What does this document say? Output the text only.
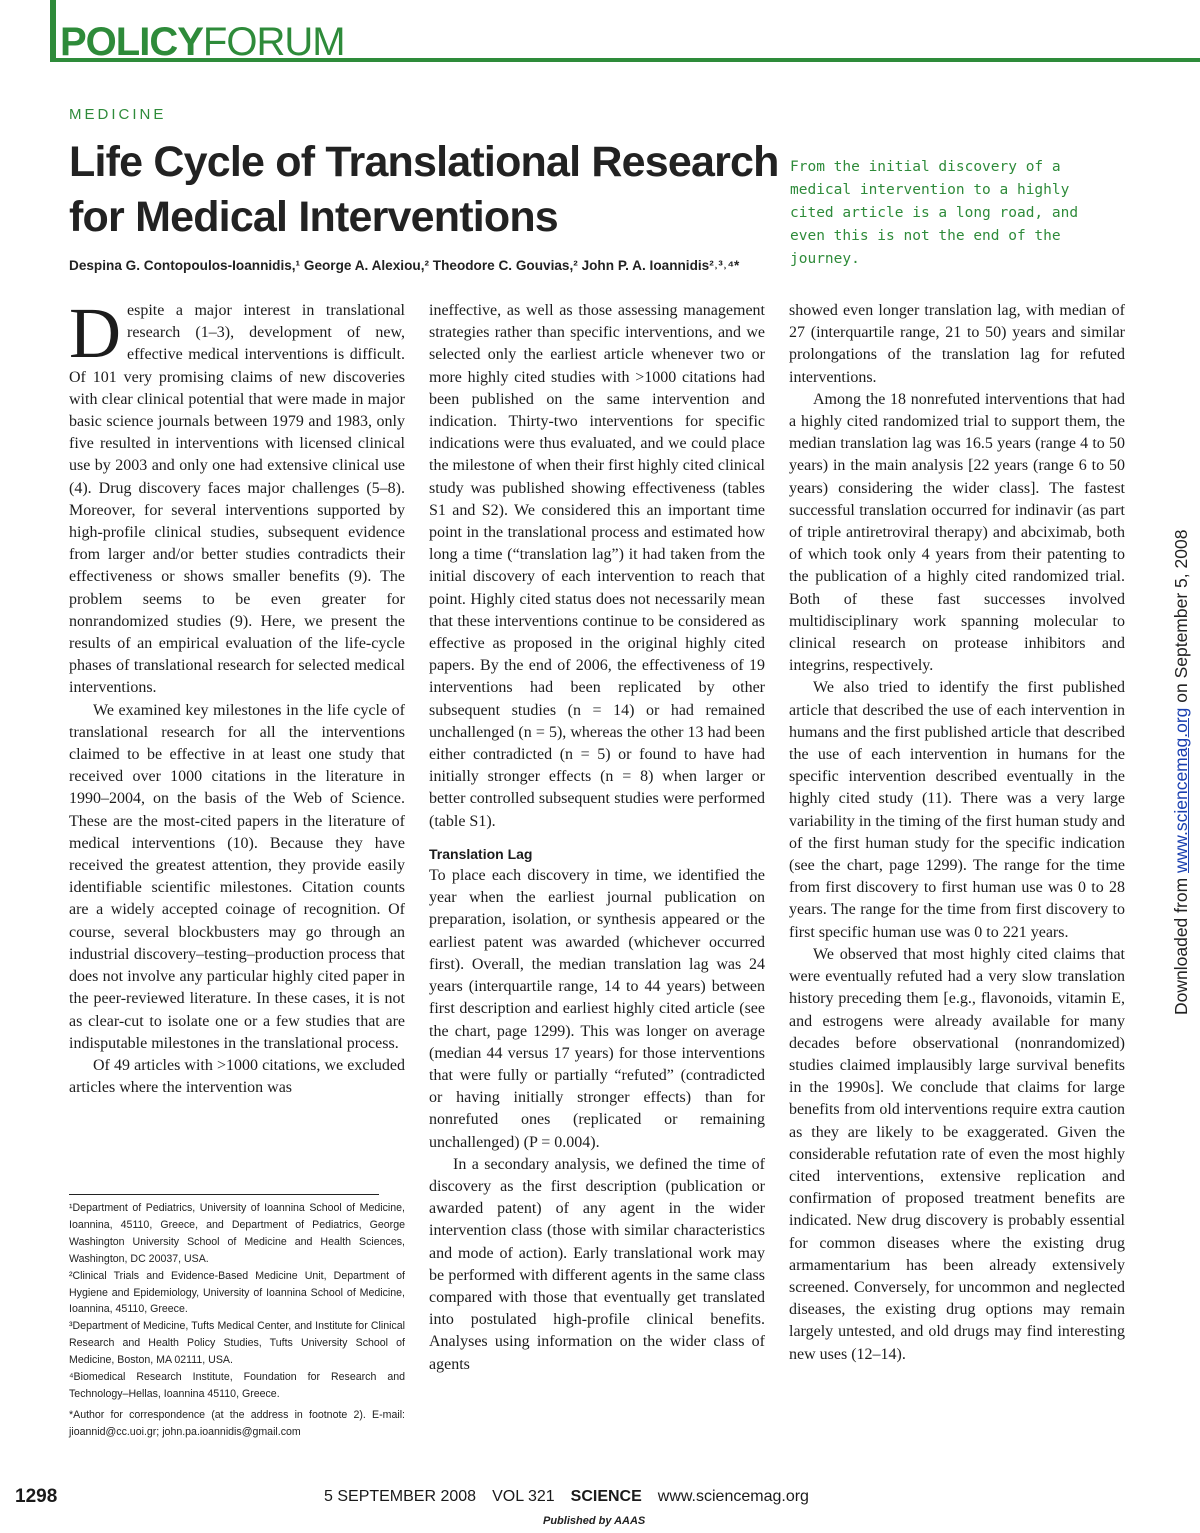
POLICYFORUM
MEDICINE
Life Cycle of Translational Research
for Medical Interventions
From the initial discovery of a medical intervention to a highly cited article is a long road, and even this is not the end of the journey.
Despina G. Contopoulos-Ioannidis,¹ George A. Alexiou,² Theodore C. Gouvias,² John P. A. Ioannidis²˒³˒⁴*

Despite a major interest in translational research (1–3), development of new, effective medical interventions is difficult. Of 101 very promising claims of new discoveries with clear clinical potential that were made in major basic science journals between 1979 and 1983, only five resulted in interventions with licensed clinical use by 2003 and only one had extensive clinical use (4). Drug discovery faces major challenges (5–8). Moreover, for several interventions supported by high-profile clinical studies, subsequent evidence from larger and/or better studies contradicts their effectiveness or shows smaller benefits (9). The problem seems to be even greater for nonrandomized studies (9). Here, we present the results of an empirical evaluation of the life-cycle phases of translational research for selected medical interventions.

We examined key milestones in the life cycle of translational research for all the interventions claimed to be effective in at least one study that received over 1000 citations in the literature in 1990–2004, on the basis of the Web of Science. These are the most-cited papers in the literature of medical interventions (10). Because they have received the greatest attention, they provide easily identifiable scientific milestones. Citation counts are a widely accepted coinage of recognition. Of course, several blockbusters may go through an industrial discovery–testing–production process that does not involve any particular highly cited paper in the peer-reviewed literature. In these cases, it is not as clear-cut to isolate one or a few studies that are indisputable milestones in the translational process.

Of 49 articles with >1000 citations, we excluded articles where the intervention was

¹Department of Pediatrics, University of Ioannina School of Medicine, Ioannina, 45110, Greece, and Department of Pediatrics, George Washington University School of Medicine and Health Sciences, Washington, DC 20037, USA.

²Clinical Trials and Evidence-Based Medicine Unit, Department of Hygiene and Epidemiology, University of Ioannina School of Medicine, Ioannina, 45110, Greece.

³Department of Medicine, Tufts Medical Center, and Institute for Clinical Research and Health Policy Studies, Tufts University School of Medicine, Boston, MA 02111, USA.

⁴Biomedical Research Institute, Foundation for Research and Technology–Hellas, Ioannina 45110, Greece.

*Author for correspondence (at the address in footnote 2). E-mail: jioannid@cc.uoi.gr; john.pa.ioannidis@gmail.com

ineffective, as well as those assessing management strategies rather than specific interventions, and we selected only the earliest article whenever two or more highly cited studies with >1000 citations had been published on the same intervention and indication. Thirty-two interventions for specific indications were thus evaluated, and we could place the milestone of when their first highly cited clinical study was published showing effectiveness (tables S1 and S2). We considered this an important time point in the translational process and estimated how long a time (“translation lag”) it had taken from the initial discovery of each intervention to reach that point. Highly cited status does not necessarily mean that these interventions continue to be considered as effective as proposed in the original highly cited papers. By the end of 2006, the effectiveness of 19 interventions had been replicated by other subsequent studies (n = 14) or had remained unchallenged (n = 5), whereas the other 13 had been either contradicted (n = 5) or found to have had initially stronger effects (n = 8) when larger or better controlled subsequent studies were performed (table S1).

Translation Lag

To place each discovery in time, we identified the year when the earliest journal publication on preparation, isolation, or synthesis appeared or the earliest patent was awarded (whichever occurred first). Overall, the median translation lag was 24 years (interquartile range, 14 to 44 years) between first description and earliest highly cited article (see the chart, page 1299). This was longer on average (median 44 versus 17 years) for those interventions that were fully or partially “refuted” (contradicted or having initially stronger effects) than for nonrefuted ones (replicated or remaining unchallenged) (P = 0.004).

In a secondary analysis, we defined the time of discovery as the first description (publication or awarded patent) of any agent in the wider intervention class (those with similar characteristics and mode of action). Early translational work may be performed with different agents in the same class compared with those that eventually get translated into postulated high-profile clinical benefits. Analyses using information on the wider class of agents

showed even longer translation lag, with median of 27 (interquartile range, 21 to 50) years and similar prolongations of the translation lag for refuted interventions.

Among the 18 nonrefuted interventions that had a highly cited randomized trial to support them, the median translation lag was 16.5 years (range 4 to 50 years) in the main analysis [22 years (range 6 to 50 years) considering the wider class]. The fastest successful translation occurred for indinavir (as part of triple antiretroviral therapy) and abciximab, both of which took only 4 years from their patenting to the publication of a highly cited randomized trial. Both of these fast successes involved multidisciplinary work spanning molecular to clinical research on protease inhibitors and integrins, respectively.

We also tried to identify the first published article that described the use of each intervention in humans and the first published article that described the use of each intervention in humans for the specific intervention described eventually in the highly cited study (11). There was a very large variability in the timing of the first human study and of the first human study for the specific indication (see the chart, page 1299). The range for the time from first discovery to first human use was 0 to 28 years. The range for the time from first discovery to first specific human use was 0 to 221 years.

We observed that most highly cited claims that were eventually refuted had a very slow translation history preceding them [e.g., flavonoids, vitamin E, and estrogens were already available for many decades before observational (nonrandomized) studies claimed implausibly large survival benefits in the 1990s]. We conclude that claims for large benefits from old interventions require extra caution as they are likely to be exaggerated. Given the considerable refutation rate of even the most highly cited interventions, extensive replication and confirmation of proposed treatment benefits are indicated. New drug discovery is probably essential for common diseases where the existing drug armamentarium has been already extensively screened. Conversely, for uncommon and neglected diseases, the existing drug options may remain largely untested, and old drugs may find interesting new uses (12–14).

1298	5 SEPTEMBER 2008 VOL 321 SCIENCE www.sciencemag.org
Published by AAAS
Downloaded from www.sciencemag.org on September 5, 2008
